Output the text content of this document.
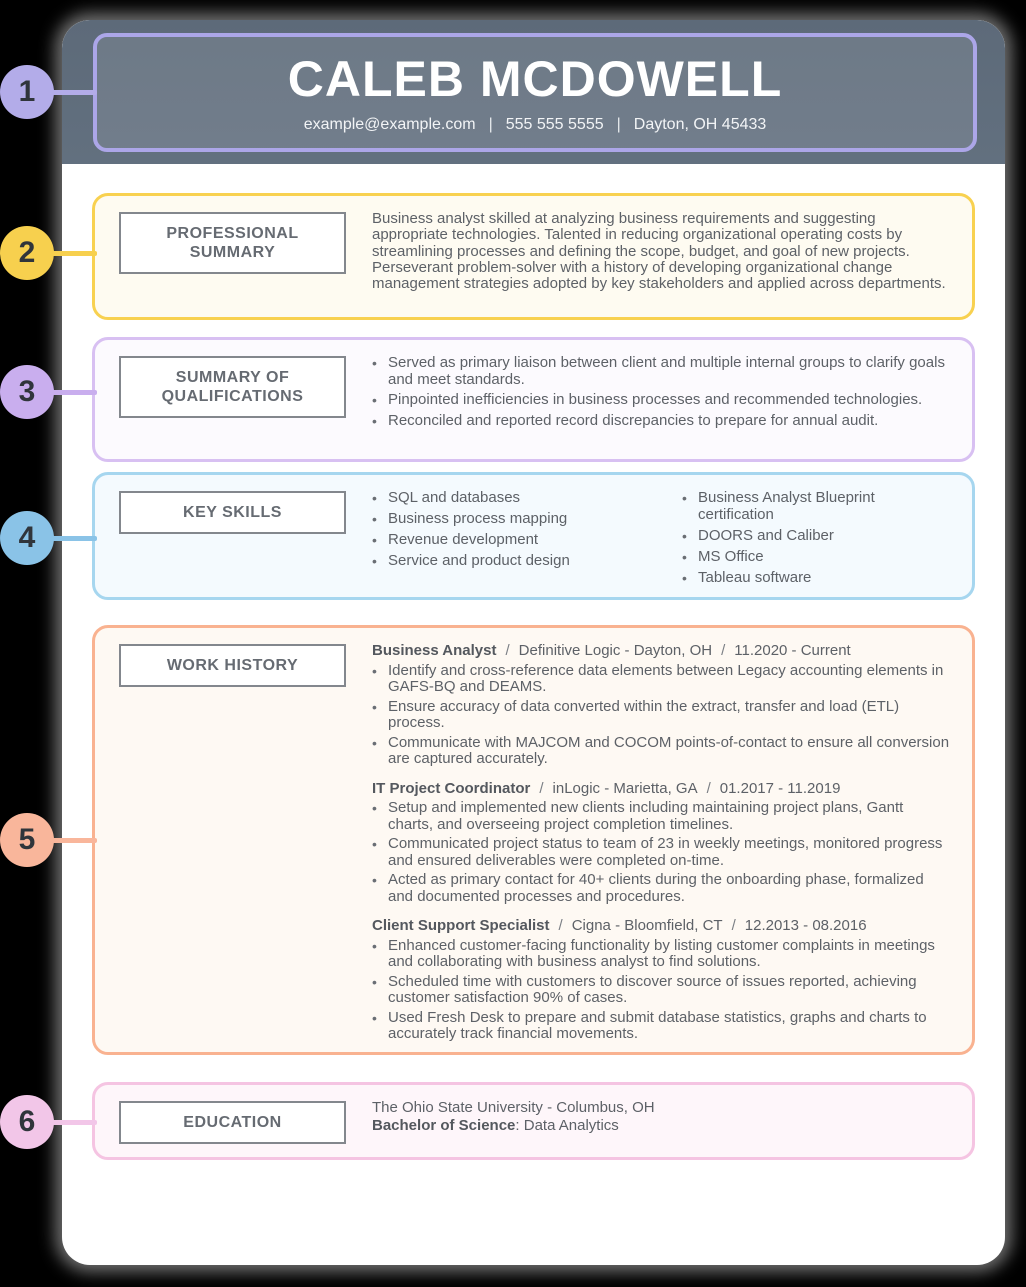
1
2
3
4
5
6
CALEB MCDOWELL
example@example.com | 555 555 5555 | Dayton, OH 45433
PROFESSIONAL SUMMARY

Business analyst skilled at analyzing business requirements and suggesting appropriate technologies. Talented in reducing organizational operating costs by streamlining processes and defining the scope, budget, and goal of new projects. Perseverant problem-solver with a history of developing organizational change management strategies adopted by key stakeholders and applied across departments.

SUMMARY OF QUALIFICATIONS
• Served as primary liaison between client and multiple internal groups to clarify goals and meet standards.
• Pinpointed inefficiencies in business processes and recommended technologies.
• Reconciled and reported record discrepancies to prepare for annual audit.
KEY SKILLS
• SQL and databases
• Business process mapping
• Revenue development
• Service and product design
• Business Analyst Blueprint certification
• DOORS and Caliber
• MS Office
• Tableau software
WORK HISTORY
Business Analyst / Definitive Logic - Dayton, OH / 11.2020 - Current
• Identify and cross-reference data elements between Legacy accounting elements in GAFS-BQ and DEAMS.
• Ensure accuracy of data converted within the extract, transfer and load (ETL) process.
• Communicate with MAJCOM and COCOM points-of-contact to ensure all conversion are captured accurately.
IT Project Coordinator / inLogic - Marietta, GA / 01.2017 - 11.2019
• Setup and implemented new clients including maintaining project plans, Gantt charts, and overseeing project completion timelines.
• Communicated project status to team of 23 in weekly meetings, monitored progress and ensured deliverables were completed on-time.
• Acted as primary contact for 40+ clients during the onboarding phase, formalized and documented processes and procedures.
Client Support Specialist / Cigna - Bloomfield, CT / 12.2013 - 08.2016
• Enhanced customer-facing functionality by listing customer complaints in meetings and collaborating with business analyst to find solutions.
• Scheduled time with customers to discover source of issues reported, achieving customer satisfaction 90% of cases.
• Used Fresh Desk to prepare and submit database statistics, graphs and charts to accurately track financial movements.
EDUCATION
The Ohio State University - Columbus, OH
Bachelor of Science: Data Analytics
